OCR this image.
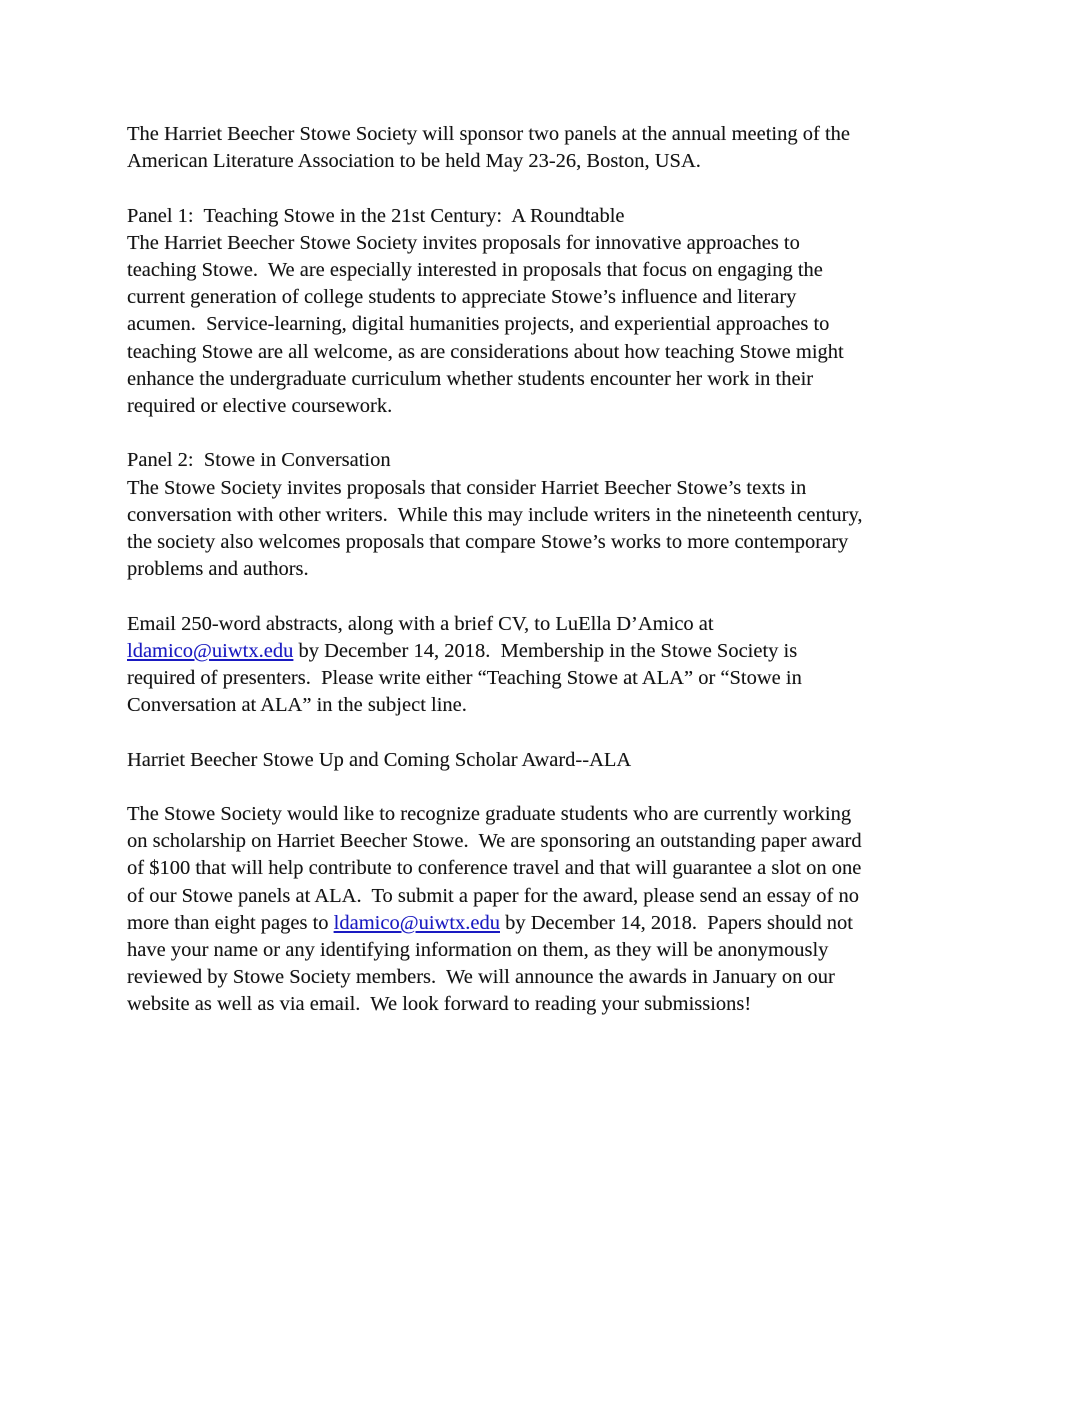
The Harriet Beecher Stowe Society will sponsor two panels at the annual meeting of the
American Literature Association to be held May 23-26, Boston, USA.
Panel 1:  Teaching Stowe in the 21st Century:  A Roundtable
The Harriet Beecher Stowe Society invites proposals for innovative approaches to
teaching Stowe.  We are especially interested in proposals that focus on engaging the
current generation of college students to appreciate Stowe’s influence and literary
acumen.  Service-learning, digital humanities projects, and experiential approaches to
teaching Stowe are all welcome, as are considerations about how teaching Stowe might
enhance the undergraduate curriculum whether students encounter her work in their
required or elective coursework.
Panel 2:  Stowe in Conversation
The Stowe Society invites proposals that consider Harriet Beecher Stowe’s texts in
conversation with other writers.  While this may include writers in the nineteenth century,
the society also welcomes proposals that compare Stowe’s works to more contemporary
problems and authors.
Email 250-word abstracts, along with a brief CV, to LuElla D’Amico at
ldamico@uiwtx.edu by December 14, 2018.  Membership in the Stowe Society is
required of presenters.  Please write either “Teaching Stowe at ALA” or “Stowe in
Conversation at ALA” in the subject line.
Harriet Beecher Stowe Up and Coming Scholar Award--ALA
The Stowe Society would like to recognize graduate students who are currently working
on scholarship on Harriet Beecher Stowe.  We are sponsoring an outstanding paper award
of $100 that will help contribute to conference travel and that will guarantee a slot on one
of our Stowe panels at ALA.  To submit a paper for the award, please send an essay of no
more than eight pages to ldamico@uiwtx.edu by December 14, 2018.  Papers should not
have your name or any identifying information on them, as they will be anonymously
reviewed by Stowe Society members.  We will announce the awards in January on our
website as well as via email.  We look forward to reading your submissions!
